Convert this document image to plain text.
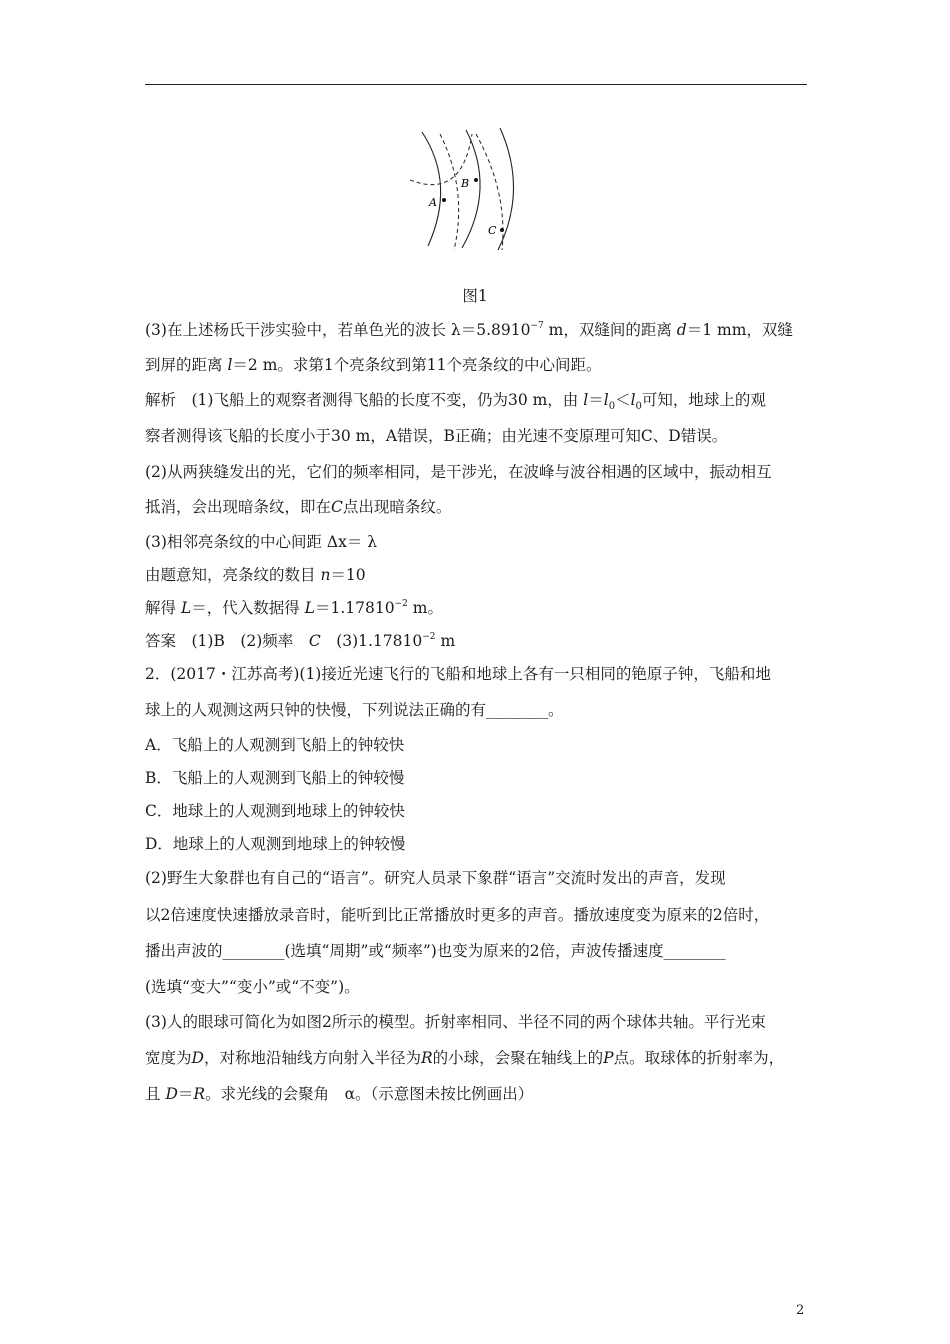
A
B
C
图1
(3)在上述杨氏干涉实验中，若单色光的波长 $\lambda=5.8910^{-7}$ m，双缝间的距离 d＝1 mm，双缝
到屏的距离 l＝2 m。求第1个亮条纹到第11个亮条纹的中心间距。
解析　(1)飞船上的观察者测得飞船的长度不变，仍为30 m，由 $l=l_0<l_0$可知，地球上的观
察者测得该飞船的长度小于30 m，A错误，B正确；由光速不变原理可知C、D错误。
(2)从两狭缝发出的光，它们的频率相同，是干涉光，在波峰与波谷相遇的区域中，振动相互
抵消，会出现暗条纹，即在C点出现暗条纹。
(3)相邻亮条纹的中心间距 Δx＝ λ
由题意知，亮条纹的数目 n＝10
解得 L＝，代入数据得 $L=1.17810^{-2}$ m。
答案　(1)B　(2)频率　C　$(3)1.17810^{-2}$ m
2．(2017・江苏高考)(1)接近光速飞行的飞船和地球上各有一只相同的铯原子钟，飞船和地
球上的人观测这两只钟的快慢，下列说法正确的有________。
A．飞船上的人观测到飞船上的钟较快
B．飞船上的人观测到飞船上的钟较慢
C．地球上的人观测到地球上的钟较快
D．地球上的人观测到地球上的钟较慢
(2)野生大象群也有自己的“语言”。研究人员录下象群“语言”交流时发出的声音，发现
以2倍速度快速播放录音时，能听到比正常播放时更多的声音。播放速度变为原来的2倍时，
播出声波的________(选填“周期”或“频率”)也变为原来的2倍，声波传播速度________
(选填“变大”“变小”或“不变”)。
(3)人的眼球可简化为如图2所示的模型。折射率相同、半径不同的两个球体共轴。平行光束
宽度为D，对称地沿轴线方向射入半径为R的小球，会聚在轴线上的P点。取球体的折射率为，
且 D＝R。求光线的会聚角　α。（示意图未按比例画出）
2
